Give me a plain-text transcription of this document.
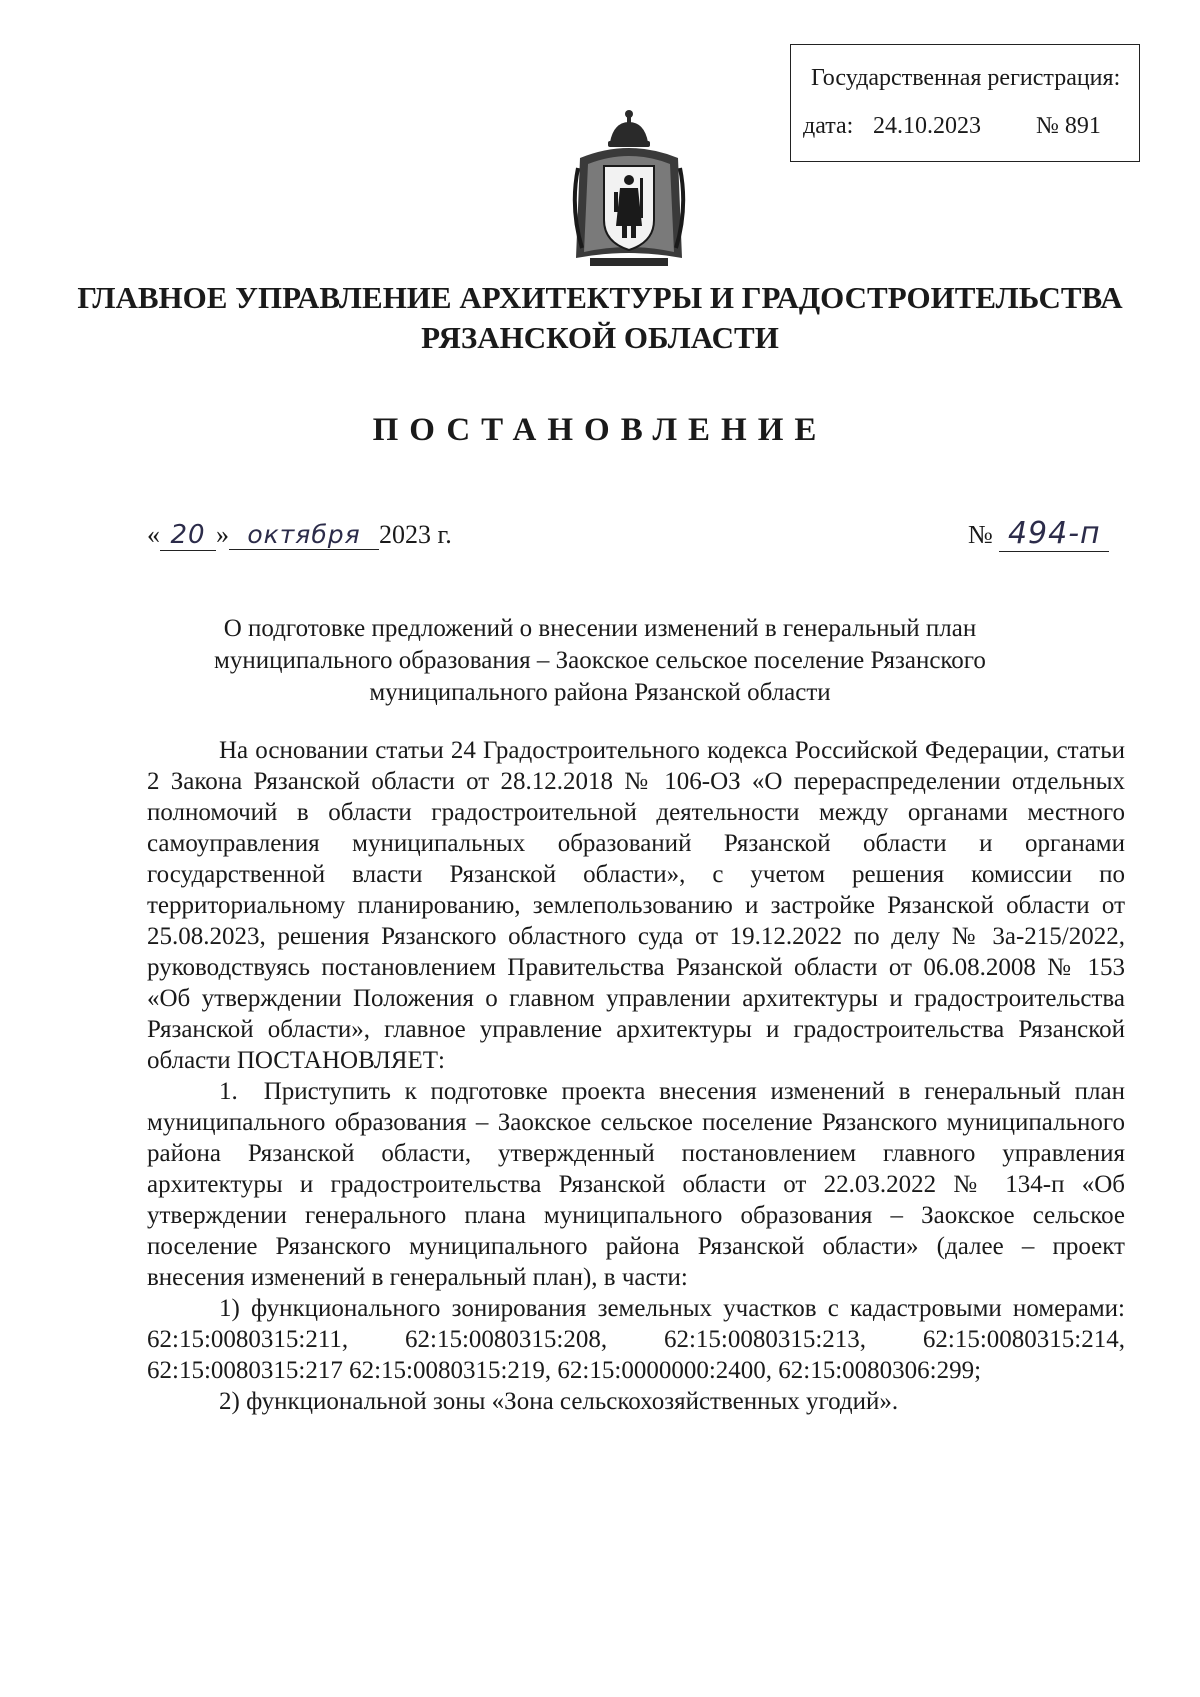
Государственная регистрация:
дата: 24.10.2023 № 891
ГЛАВНОЕ УПРАВЛЕНИЕ АРХИТЕКТУРЫ И ГРАДОСТРОИТЕЛЬСТВА
РЯЗАНСКОЙ ОБЛАСТИ
ПОСТАНОВЛЕНИЕ
« 20 » октября 2023 г.	№ 494-п
О подготовке предложений о внесении изменений в генеральный план
муниципального образования – Заокское сельское поселение Рязанского
муниципального района Рязанской области

На основании статьи 24 Градостроительного кодекса Российской Федерации, статьи 2 Закона Рязанской области от 28.12.2018 № 106-ОЗ «О перераспределении отдельных полномочий в области градостроительной деятельности между органами местного самоуправления муниципальных образований Рязанской области и органами государственной власти Рязанской области», с учетом решения комиссии по территориальному планированию, землепользованию и застройке Рязанской области от 25.08.2023, решения Рязанского областного суда от 19.12.2022 по делу № 3а-215/2022, руководствуясь постановлением Правительства Рязанской области от 06.08.2008 № 153 «Об утверждении Положения о главном управлении архитектуры и градостроительства Рязанской области», главное управление архитектуры и градостроительства Рязанской области ПОСТАНОВЛЯЕТ:

1. Приступить к подготовке проекта внесения изменений в генеральный план муниципального образования – Заокское сельское поселение Рязанского муниципального района Рязанской области, утвержденный постановлением главного управления архитектуры и градостроительства Рязанской области от 22.03.2022 № 134-п «Об утверждении генерального плана муниципального образования – Заокское сельское поселение Рязанского муниципального района Рязанской области» (далее – проект внесения изменений в генеральный план), в части:

1) функционального зонирования земельных участков с кадастровыми номерами: 62:15:0080315:211, 62:15:0080315:208, 62:15:0080315:213, 62:15:0080315:214, 62:15:0080315:217 62:15:0080315:219, 62:15:0000000:2400, 62:15:0080306:299;

2) функциональной зоны «Зона сельскохозяйственных угодий».
